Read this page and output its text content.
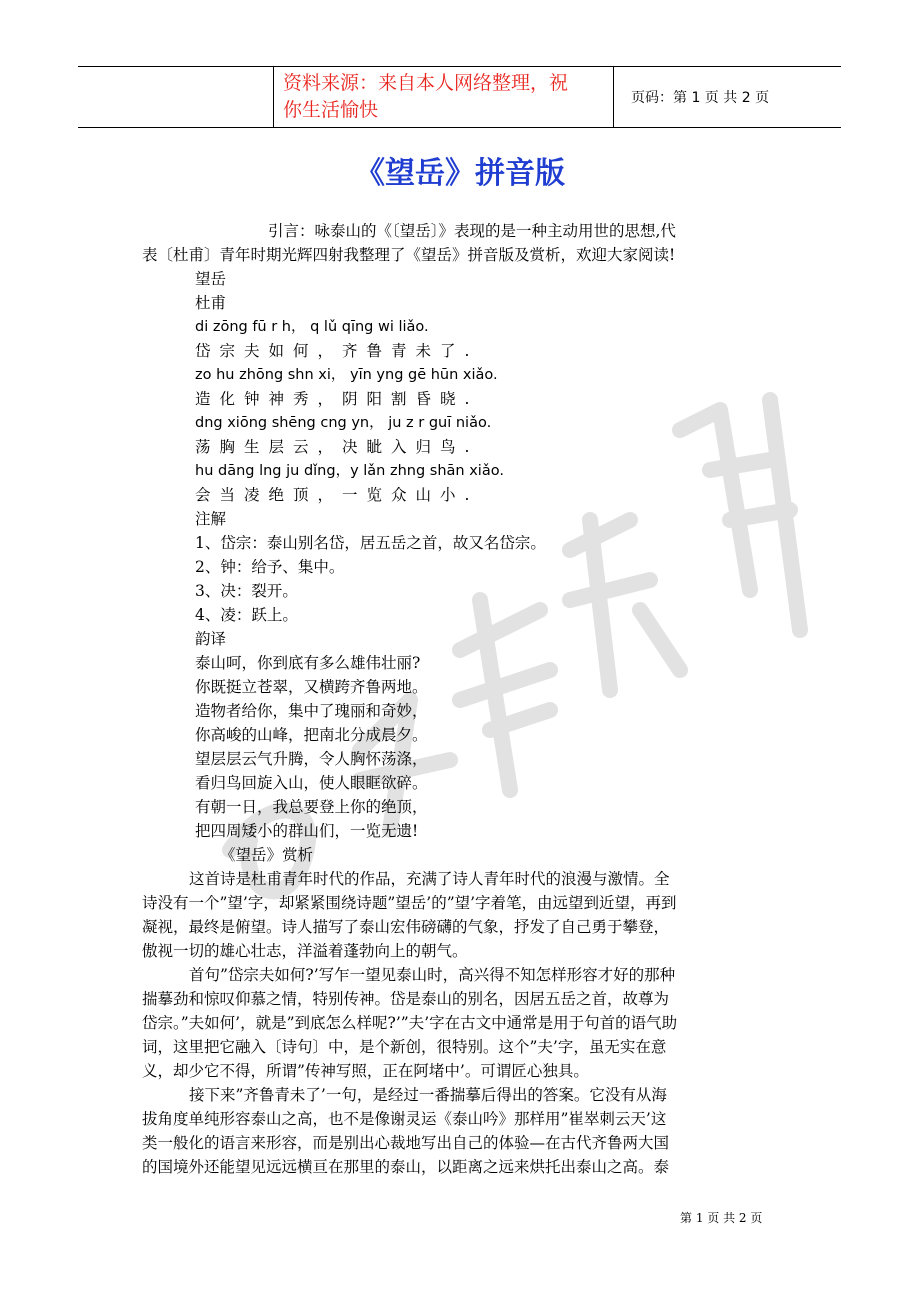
资料来源：来自本人网络整理，祝
你生活愉快
页码：第 1 页 共 2 页
《望岳》拼音版
引言：咏泰山的《〔望岳〕》表现的是一种主动用世的思想,代
表〔杜甫〕青年时期光辉四射我整理了《望岳》拼音版及赏析，欢迎大家阅读!
望岳
杜甫
di zōng fū r h， q lǔ qīng wi liǎo.
岱宗夫如何，齐鲁青未了.
zo hu zhōng shn xi， yīn yng gē hūn xiǎo.
造化钟神秀，阴阳割昏晓.
dng xiōng shēng cng yn， ju z r guī niǎo.
荡胸生层云，决眦入归鸟.
hu dāng lng ju dǐng，y lǎn zhng shān xiǎo.
会当凌绝顶，一览众山小.
注解
1、岱宗：泰山别名岱，居五岳之首，故又名岱宗。
2、钟：给予、集中。
3、决：裂开。
4、凌：跃上。
韵译
泰山呵，你到底有多么雄伟壮丽?
你既挺立苍翠，又横跨齐鲁两地。
造物者给你，集中了瑰丽和奇妙，
你高峻的山峰，把南北分成晨夕。
望层层云气升腾，令人胸怀荡涤，
看归鸟回旋入山，使人眼眶欲碎。
有朝一日，我总要登上你的绝顶，
把四周矮小的群山们，一览无遗!
《望岳》赏析
这首诗是杜甫青年时代的作品，充满了诗人青年时代的浪漫与激情。全
诗没有一个”望’字，却紧紧围绕诗题”望岳’的”望’字着笔，由远望到近望，再到
凝视，最终是俯望。诗人描写了泰山宏伟磅礴的气象，抒发了自己勇于攀登，
傲视一切的雄心壮志，洋溢着蓬勃向上的朝气。
首句”岱宗夫如何?’写乍一望见泰山时，高兴得不知怎样形容才好的那种
揣摹劲和惊叹仰慕之情，特别传神。岱是泰山的别名，因居五岳之首，故尊为
岱宗。”夫如何’，就是”到底怎么样呢?’”夫’字在古文中通常是用于句首的语气助
词，这里把它融入〔诗句〕中，是个新创，很特别。这个”夫’字，虽无实在意
义，却少它不得，所谓”传神写照，正在阿堵中’。可谓匠心独具。
接下来”齐鲁青未了’一句，是经过一番揣摹后得出的答案。它没有从海
拔角度单纯形容泰山之高，也不是像谢灵运《泰山吟》那样用”崔崒刺云天’这
类一般化的语言来形容，而是别出心裁地写出自己的体验—在古代齐鲁两大国
的国境外还能望见远远横亘在那里的泰山，以距离之远来烘托出泰山之高。泰
第 1 页 共 2 页
